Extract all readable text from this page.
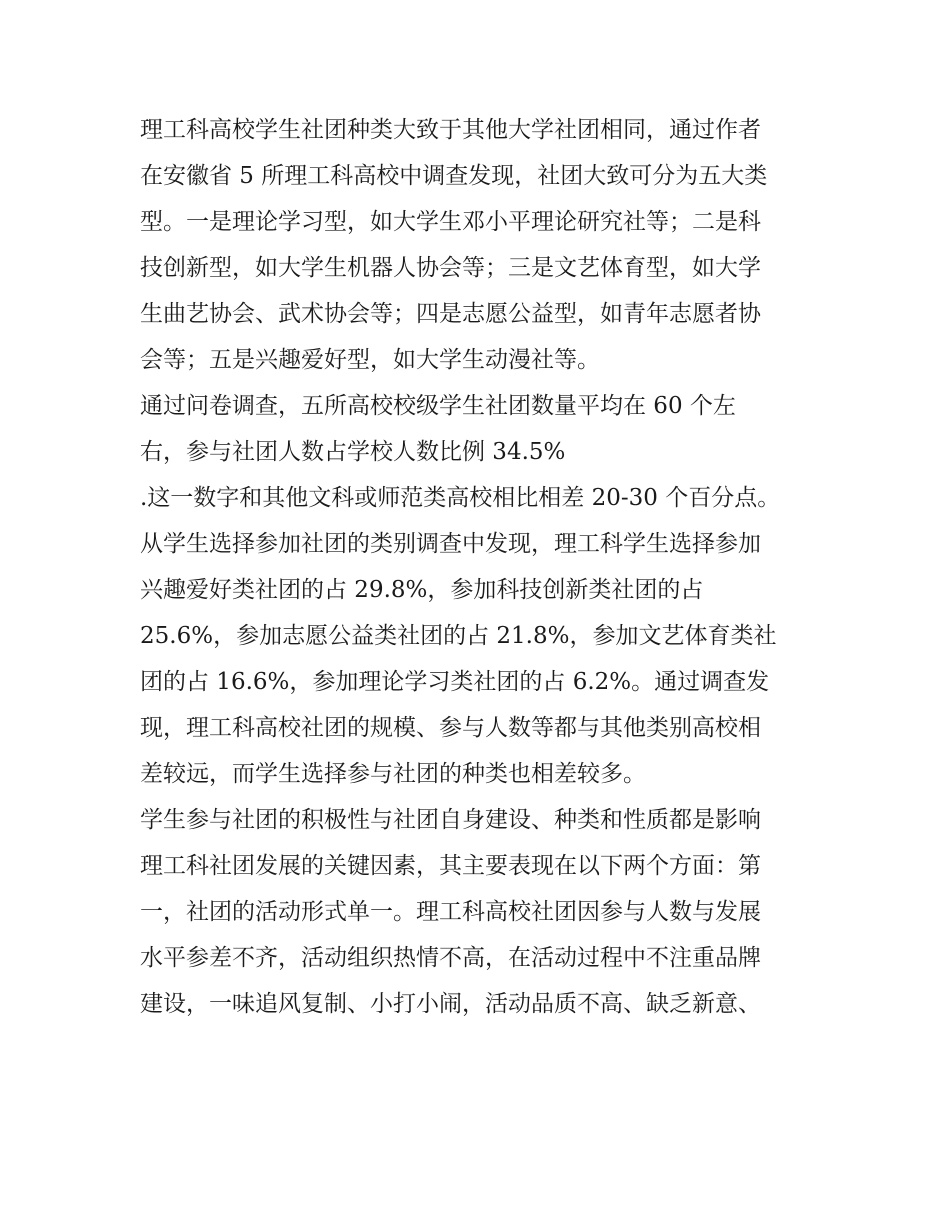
理工科高校学生社团种类大致于其他大学社团相同，通过作者
在安徽省 5 所理工科高校中调查发现，社团大致可分为五大类
型。一是理论学习型，如大学生邓小平理论研究社等；二是科
技创新型，如大学生机器人协会等；三是文艺体育型，如大学
生曲艺协会、武术协会等；四是志愿公益型，如青年志愿者协
会等；五是兴趣爱好型，如大学生动漫社等。
通过问卷调查，五所高校校级学生社团数量平均在 60 个左
右，参与社团人数占学校人数比例 34.5%
.这一数字和其他文科或师范类高校相比相差 20-30 个百分点。
从学生选择参加社团的类别调查中发现，理工科学生选择参加
兴趣爱好类社团的占 29.8%，参加科技创新类社团的占
25.6%，参加志愿公益类社团的占 21.8%，参加文艺体育类社
团的占 16.6%，参加理论学习类社团的占 6.2%。通过调查发
现，理工科高校社团的规模、参与人数等都与其他类别高校相
差较远，而学生选择参与社团的种类也相差较多。
学生参与社团的积极性与社团自身建设、种类和性质都是影响
理工科社团发展的关键因素，其主要表现在以下两个方面：第
一，社团的活动形式单一。理工科高校社团因参与人数与发展
水平参差不齐，活动组织热情不高，在活动过程中不注重品牌
建设，一味追风复制、小打小闹，活动品质不高、缺乏新意、
